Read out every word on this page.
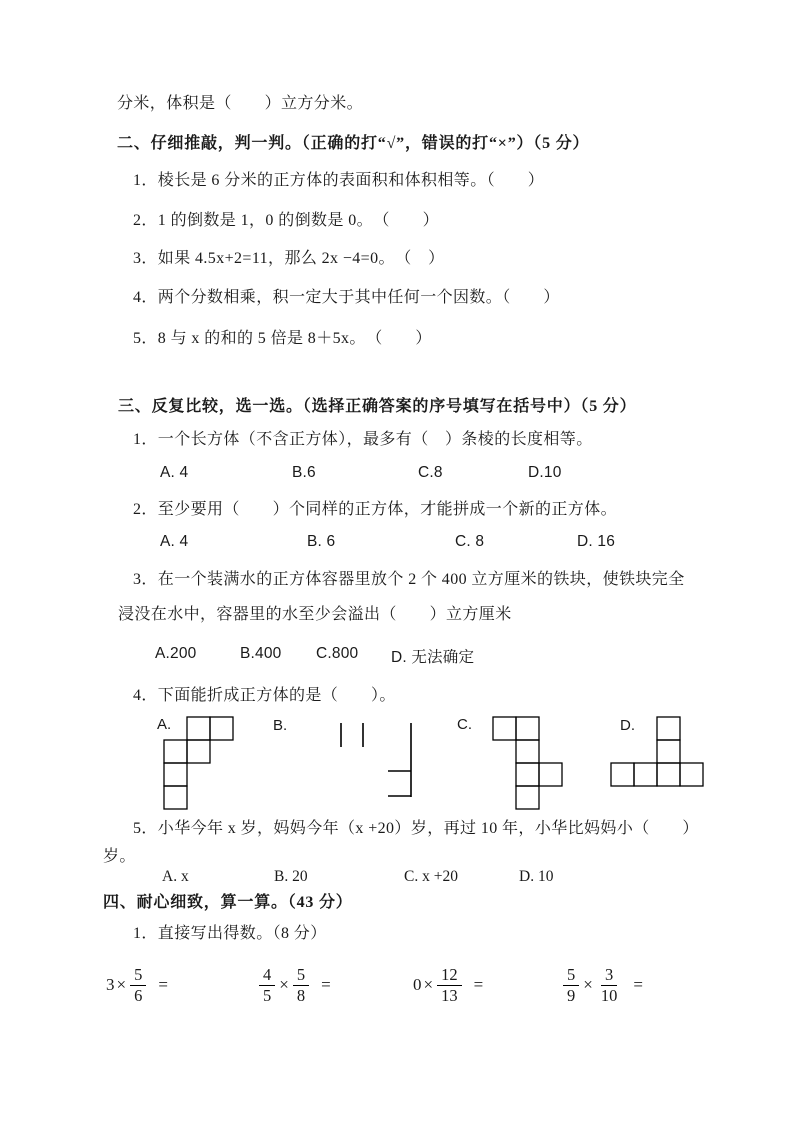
分米，体积是（　　）立方分米。
二、仔细推敲，判一判。（正确的打“√”，错误的打“×”）（5 分）
1．棱长是 6 分米的正方体的表面积和体积相等。（　　）
2．1 的倒数是 1，0 的倒数是 0。　（　　）
3．如果 4.5x+2=11，那么 2x −4=0。　（　）
4．两个分数相乘，积一定大于其中任何一个因数。（　　）
5．8 与 x 的和的 5 倍是 8＋5x。　（　　）
三、反复比较，选一选。（选择正确答案的序号填写在括号中）（5 分）
1．一个长方体（不含正方体），最多有（　）条棱的长度相等。
A. 4	B.6	C.8	D.10
2．至少要用（　　）个同样的正方体，才能拼成一个新的正方体。
A. 4	B. 6	C. 8	D. 16
3．在一个装满水的正方体容器里放个 2 个 400 立方厘米的铁块，使铁块完全
浸没在水中，容器里的水至少会溢出（　　）立方厘米
A.200	B.400 C.800 D. 无法确定
4．下面能折成正方体的是（　　）。
A.	B.	C.	D.
5．小华今年 x 岁，妈妈今年（x +20）岁，再过 10 年，小华比妈妈小（　　）
岁。
A. x	B. 20	C. x +20	D. 10
四、耐心细致，算一算。（43 分）
1．直接写出得数。（8 分）
$3 \times \frac{5}{6}$ =	$\frac{4}{5} \times \frac{5}{8}$ =	$0 \times \frac{12}{13}$ =	$\frac{5}{9} \times \frac{3}{10}$ =
